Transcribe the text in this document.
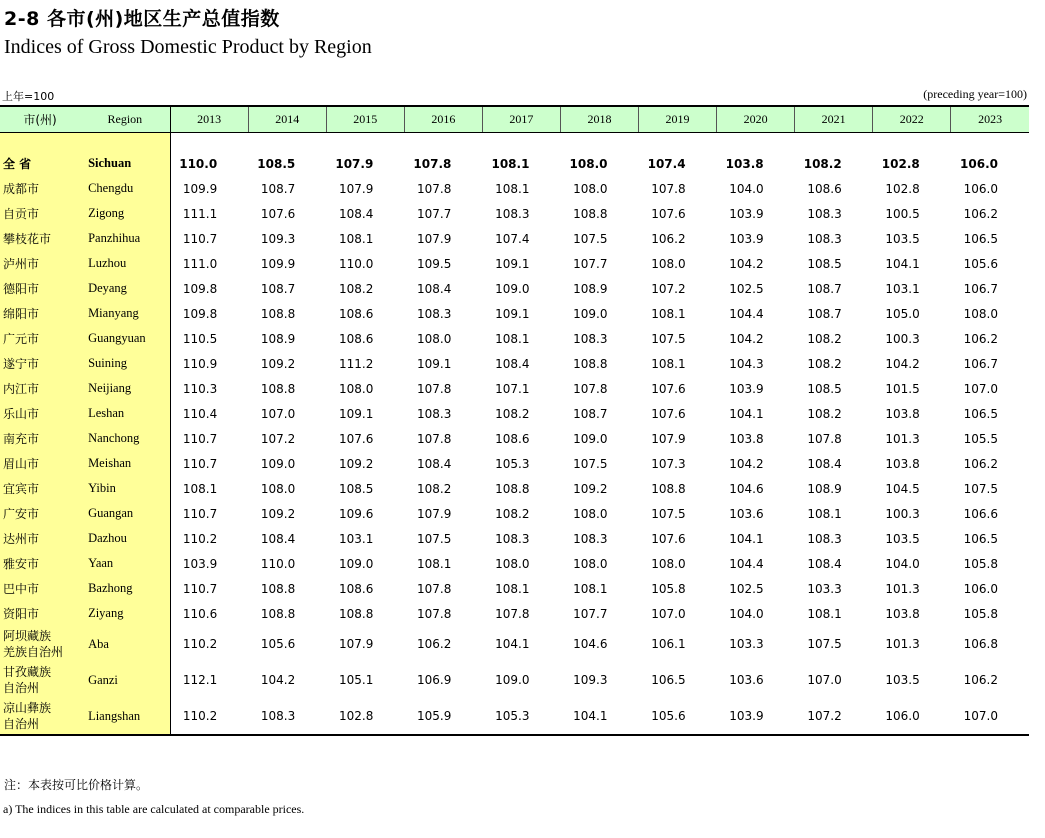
2-8 各市(州)地区生产总值指数
Indices of Gross Domestic Product by Region
上年=100	(preceding year=100)
市(州)	Region	2013	2014	2015	2016	2017	2018	2019	2020	2021	2022	2023

全 省	Sichuan	110.0	108.5	107.9	107.8	108.1	108.0	107.4	103.8	108.2	102.8	106.0
成都市	Chengdu	109.9	108.7	107.9	107.8	108.1	108.0	107.8	104.0	108.6	102.8	106.0
自贡市	Zigong	111.1	107.6	108.4	107.7	108.3	108.8	107.6	103.9	108.3	100.5	106.2
攀枝花市	Panzhihua	110.7	109.3	108.1	107.9	107.4	107.5	106.2	103.9	108.3	103.5	106.5
泸州市	Luzhou	111.0	109.9	110.0	109.5	109.1	107.7	108.0	104.2	108.5	104.1	105.6
德阳市	Deyang	109.8	108.7	108.2	108.4	109.0	108.9	107.2	102.5	108.7	103.1	106.7
绵阳市	Mianyang	109.8	108.8	108.6	108.3	109.1	109.0	108.1	104.4	108.7	105.0	108.0
广元市	Guangyuan	110.5	108.9	108.6	108.0	108.1	108.3	107.5	104.2	108.2	100.3	106.2
遂宁市	Suining	110.9	109.2	111.2	109.1	108.4	108.8	108.1	104.3	108.2	104.2	106.7
内江市	Neijiang	110.3	108.8	108.0	107.8	107.1	107.8	107.6	103.9	108.5	101.5	107.0
乐山市	Leshan	110.4	107.0	109.1	108.3	108.2	108.7	107.6	104.1	108.2	103.8	106.5
南充市	Nanchong	110.7	107.2	107.6	107.8	108.6	109.0	107.9	103.8	107.8	101.3	105.5
眉山市	Meishan	110.7	109.0	109.2	108.4	105.3	107.5	107.3	104.2	108.4	103.8	106.2
宜宾市	Yibin	108.1	108.0	108.5	108.2	108.8	109.2	108.8	104.6	108.9	104.5	107.5
广安市	Guangan	110.7	109.2	109.6	107.9	108.2	108.0	107.5	103.6	108.1	100.3	106.6
达州市	Dazhou	110.2	108.4	103.1	107.5	108.3	108.3	107.6	104.1	108.3	103.5	106.5
雅安市	Yaan	103.9	110.0	109.0	108.1	108.0	108.0	108.0	104.4	108.4	104.0	105.8
巴中市	Bazhong	110.7	108.8	108.6	107.8	108.1	108.1	105.8	102.5	103.3	101.3	106.0
资阳市	Ziyang	110.6	108.8	108.8	107.8	107.8	107.7	107.0	104.0	108.1	103.8	105.8
阿坝藏族
羌族自治州	Aba	110.2	105.6	107.9	106.2	104.1	104.6	106.1	103.3	107.5	101.3	106.8
甘孜藏族
自治州	Ganzi	112.1	104.2	105.1	106.9	109.0	109.3	106.5	103.6	107.0	103.5	106.2
凉山彝族
自治州	Liangshan	110.2	108.3	102.8	105.9	105.3	104.1	105.6	103.9	107.2	106.0	107.0
注：本表按可比价格计算。
a) The indices in this table are calculated at comparable prices.
